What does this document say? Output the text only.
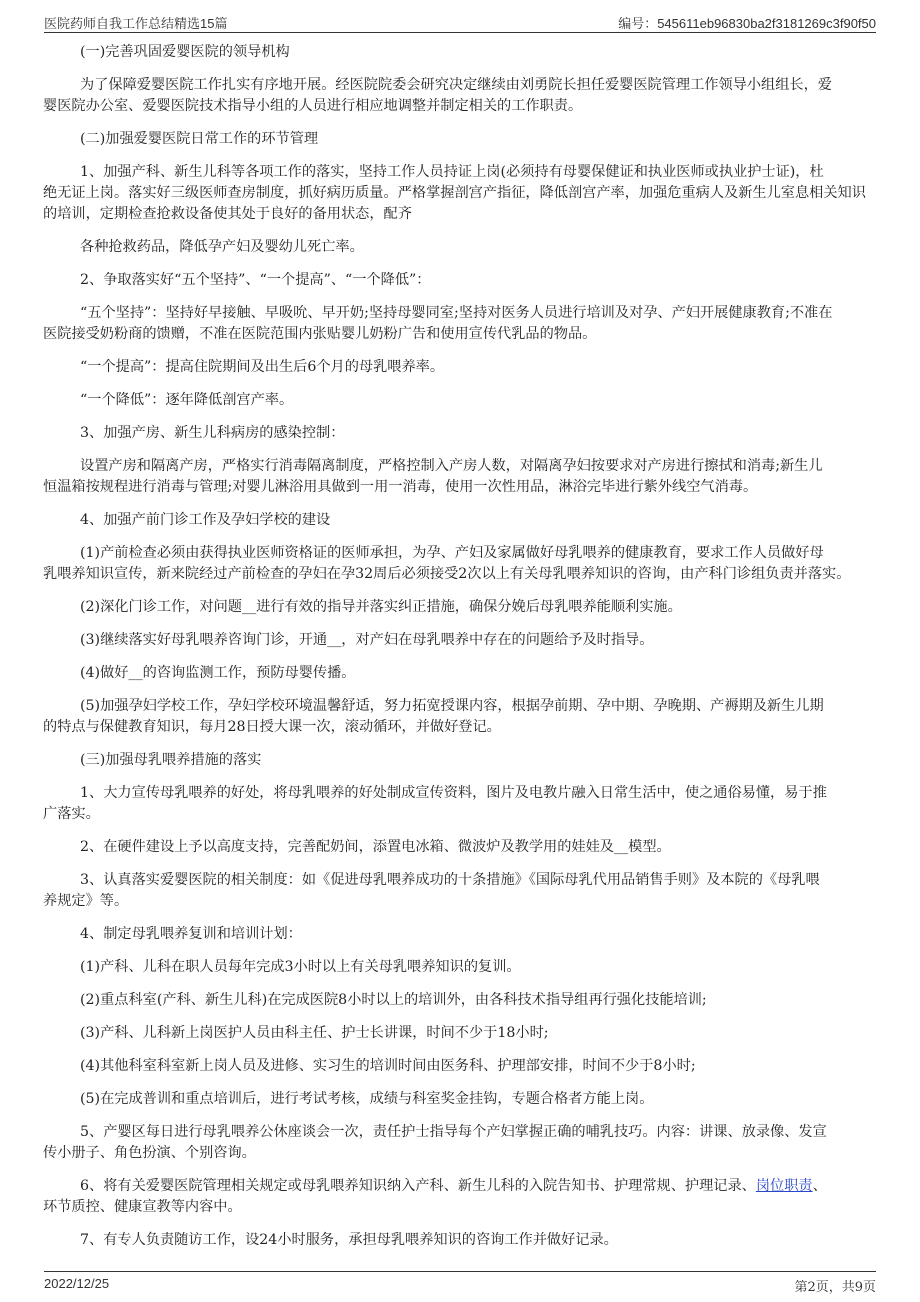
医院药师自我工作总结精选15篇	编号：545611eb96830ba2f3181269c3f90f50

(一)完善巩固爱婴医院的领导机构

为了保障爱婴医院工作扎实有序地开展。经医院院委会研究决定继续由刘勇院长担任爱婴医院管理工作领导小组组长，爱
婴医院办公室、爱婴医院技术指导小组的人员进行相应地调整并制定相关的工作职责。

(二)加强爱婴医院日常工作的环节管理

1、加强产科、新生儿科等各项工作的落实，坚持工作人员持证上岗(必须持有母婴保健证和执业医师或执业护士证)，杜
绝无证上岗。落实好三级医师查房制度，抓好病历质量。严格掌握剖宫产指征，降低剖宫产率，加强危重病人及新生儿室息相关知识的培训，定期检查抢救设备使其处于良好的备用状态，配齐

各种抢救药品，降低孕产妇及婴幼儿死亡率。

2、争取落实好“五个坚持”、“一个提高”、“一个降低”：

“五个坚持”：坚持好早接触、早吸吮、早开奶;坚持母婴同室;坚持对医务人员进行培训及对孕、产妇开展健康教育;不准在
医院接受奶粉商的馈赠，不准在医院范围内张贴婴儿奶粉广告和使用宣传代乳品的物品。

“一个提高”：提高住院期间及出生后6个月的母乳喂养率。

“一个降低”：逐年降低剖宫产率。

3、加强产房、新生儿科病房的感染控制：

设置产房和隔离产房，严格实行消毒隔离制度，严格控制入产房人数，对隔离孕妇按要求对产房进行擦拭和消毒;新生儿
恒温箱按规程进行消毒与管理;对婴儿淋浴用具做到一用一消毒，使用一次性用品，淋浴完毕进行紫外线空气消毒。

4、加强产前门诊工作及孕妇学校的建设

(1)产前检查必须由获得执业医师资格证的医师承担，为孕、产妇及家属做好母乳喂养的健康教育，要求工作人员做好母
乳喂养知识宣传，新来院经过产前检查的孕妇在孕32周后必须接受2次以上有关母乳喂养知识的咨询，由产科门诊组负责并落实。

(2)深化门诊工作，对问题__进行有效的指导并落实纠正措施，确保分娩后母乳喂养能顺利实施。

(3)继续落实好母乳喂养咨询门诊，开通__，对产妇在母乳喂养中存在的问题给予及时指导。

(4)做好__的咨询监测工作，预防母婴传播。

(5)加强孕妇学校工作，孕妇学校环境温馨舒适，努力拓宽授课内容，根据孕前期、孕中期、孕晚期、产褥期及新生儿期
的特点与保健教育知识，每月28日授大课一次，滚动循环，并做好登记。

(三)加强母乳喂养措施的落实

1、大力宣传母乳喂养的好处，将母乳喂养的好处制成宣传资料，图片及电教片融入日常生活中，使之通俗易懂，易于推
广落实。

2、在硬件建设上予以高度支持，完善配奶间，添置电冰箱、微波炉及教学用的娃娃及__模型。

3、认真落实爱婴医院的相关制度：如《促进母乳喂养成功的十条措施》《国际母乳代用品销售手则》及本院的《母乳喂
养规定》等。

4、制定母乳喂养复训和培训计划：

(1)产科、儿科在职人员每年完成3小时以上有关母乳喂养知识的复训。

(2)重点科室(产科、新生儿科)在完成医院8小时以上的培训外，由各科技术指导组再行强化技能培训;

(3)产科、儿科新上岗医护人员由科主任、护士长讲课，时间不少于18小时;

(4)其他科室科室新上岗人员及进修、实习生的培训时间由医务科、护理部安排，时间不少于8小时;

(5)在完成普训和重点培训后，进行考试考核，成绩与科室奖金挂钩，专题合格者方能上岗。

5、产婴区每日进行母乳喂养公休座谈会一次，责任护士指导每个产妇掌握正确的哺乳技巧。内容：讲课、放录像、发宣
传小册子、角色扮演、个别咨询。

6、将有关爱婴医院管理相关规定或母乳喂养知识纳入产科、新生儿科的入院告知书、护理常规、护理记录、岗位职责、
环节质控、健康宣教等内容中。

7、有专人负责随访工作，设24小时服务，承担母乳喂养知识的咨询工作并做好记录。

2022/12/25	第2页，共9页
